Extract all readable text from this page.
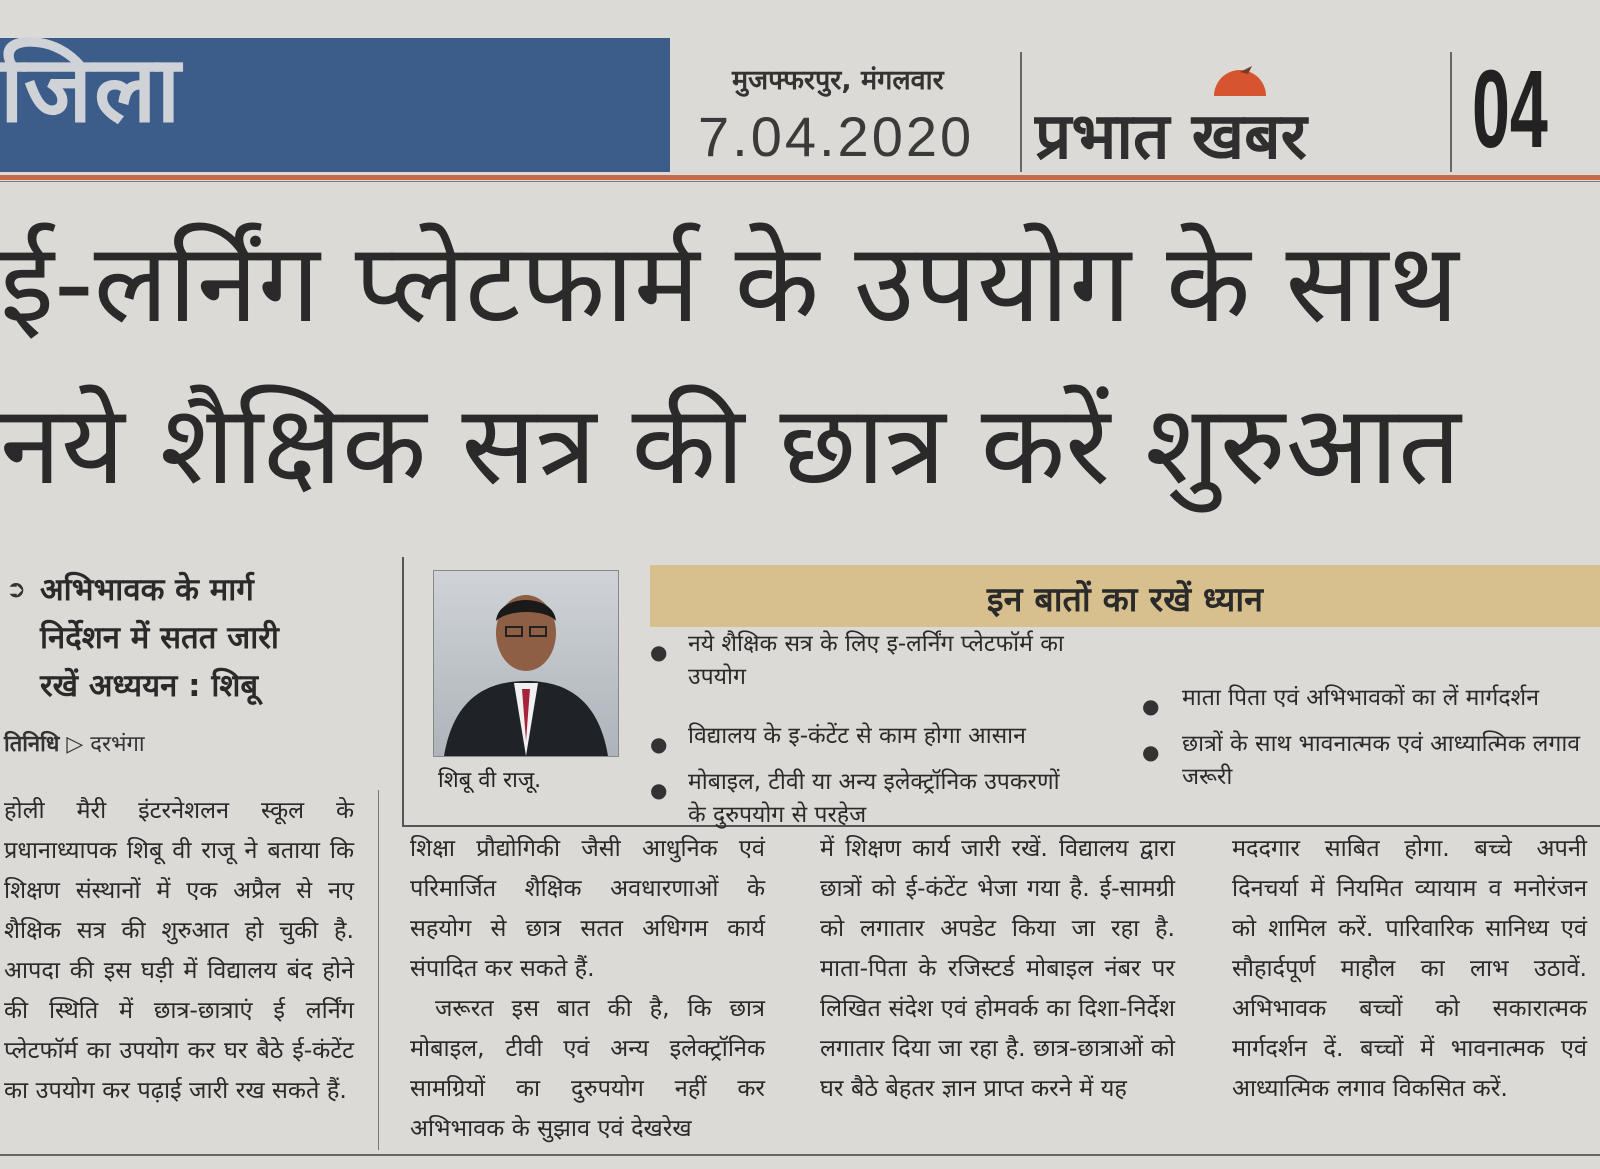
जिला	मुजफ्फरपुर, मंगलवार
7.04.2020 प्रभात खबर 04
ई-लर्निंग प्लेटफार्म के उपयोग के साथ
नये शैक्षिक सत्र की छात्र करें शुरुआत
➲ अभिभावक के मार्ग
निर्देशन में सतत जारी
रखें अध्ययन : शिबू
तिनिधि ▷ दरभंगा
शिबू वी राजू.
इन बातों का रखें ध्यान
● नये शैक्षिक सत्र के लिए इ-लर्निंग प्लेटफॉर्म का उपयोग
● विद्यालय के इ-कंटेंट से काम होगा आसान
● मोबाइल, टीवी या अन्य इलेक्ट्रॉनिक उपकरणों के दुरुपयोग से परहेज
● माता पिता एवं अभिभावकों का लें मार्गदर्शन
● छात्रों के साथ भावनात्मक एवं आध्यात्मिक लगाव जरूरी

होली मैरी इंटरनेशलन स्कूल के प्रधानाध्यापक शिबू वी राजू ने बताया कि शिक्षण संस्थानों में एक अप्रैल से नए शैक्षिक सत्र की शुरुआत हो चुकी है. आपदा की इस घड़ी में विद्यालय बंद होने की स्थिति में छात्र-छात्राएं ई लर्निंग प्लेटफॉर्म का उपयोग कर घर बैठे ई-कंटेंट का उपयोग कर पढ़ाई जारी रख सकते हैं.

शिक्षा प्रौद्योगिकी जैसी आधुनिक एवं परिमार्जित शैक्षिक अवधारणाओं के सहयोग से छात्र सतत अधिगम कार्य संपादित कर सकते हैं.

जरूरत इस बात की है, कि छात्र मोबाइल, टीवी एवं अन्य इलेक्ट्रॉनिक सामग्रियों का दुरुपयोग नहीं कर अभिभावक के सुझाव एवं देखरेख

में शिक्षण कार्य जारी रखें. विद्यालय द्वारा छात्रों को ई-कंटेंट भेजा गया है. ई-सामग्री को लगातार अपडेट किया जा रहा है. माता-पिता के रजिस्टर्ड मोबाइल नंबर पर लिखित संदेश एवं होमवर्क का दिशा-निर्देश लगातार दिया जा रहा है. छात्र-छात्राओं को घर बैठे बेहतर ज्ञान प्राप्त करने में यह

मददगार साबित होगा. बच्चे अपनी दिनचर्या में नियमित व्यायाम व मनोरंजन को शामिल करें. पारिवारिक सानिध्य एवं सौहार्दपूर्ण माहौल का लाभ उठावें. अभिभावक बच्चों को सकारात्मक मार्गदर्शन दें. बच्चों में भावनात्मक एवं आध्यात्मिक लगाव विकसित करें.
